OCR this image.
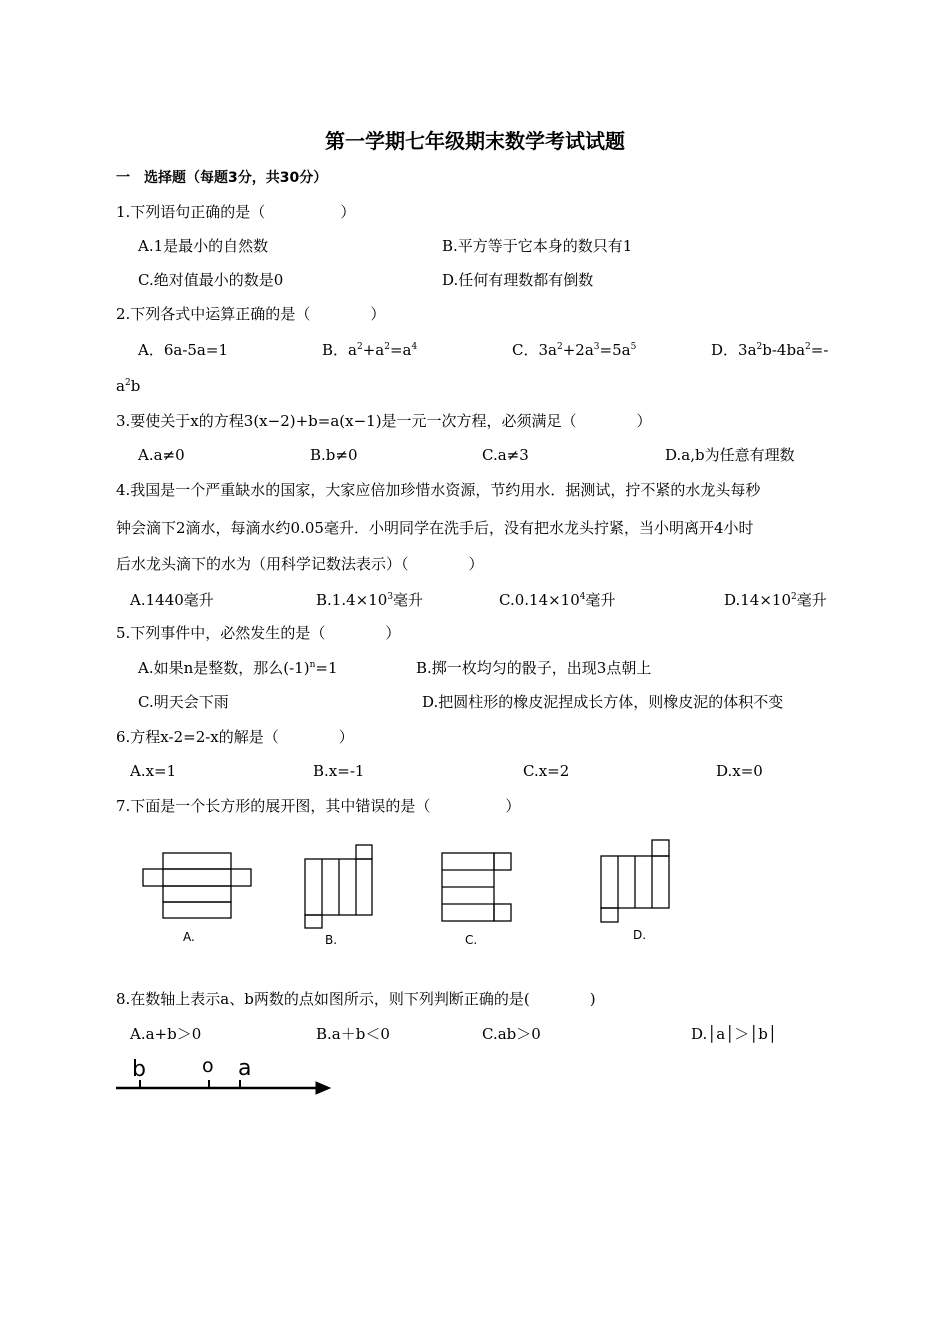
第一学期七年级期末数学考试试题
一　选择题（每题3分，共30分）
1.下列语句正确的是（　　　　　）
A.1是最小的自然数	B.平方等于它本身的数只有1
C.绝对值最小的数是0	D.任何有理数都有倒数
2.下列各式中运算正确的是（　　　　）
A．6a-5a=1	B．$a^2+a^2=a^4$	C．$3a^2+2a^3=5a^5$	D．$3a^2b-4ba^2=-$
$a^2b$
3.要使关于x的方程3(x−2)+b=a(x−1)是一元一次方程，必须满足（　　　　）
A.a≠0	B.b≠0	C.a≠3	D.a,b为任意有理数
4.我国是一个严重缺水的国家，大家应倍加珍惜水资源，节约用水．据测试，拧不紧的水龙头每秒
钟会滴下2滴水，每滴水约0.05毫升．小明同学在洗手后，没有把水龙头拧紧，当小明离开4小时
后水龙头滴下的水为（用科学记数法表示）（　　　　）
A.1440毫升	$B.1.4\times 10^3$毫升	$C.0.14\times 10^4$毫升	$D.14\times 10^2$毫升
5.下列事件中，必然发生的是（　　　　）
A.如果n是整数，那么$(-1)^n=1$	B.掷一枚均匀的骰子，出现3点朝上
C.明天会下雨	D.把圆柱形的橡皮泥捏成长方体，则橡皮泥的体积不变
6.方程x-2=2-x的解是（　　　　）
A.x=1	B.x=-1	C.x=2	D.x=0
7.下面是一个长方形的展开图，其中错误的是（　　　　　）
A.	B.	C.	D.
8.在数轴上表示a、b两数的点如图所示，则下列判断正确的是(　　　　)
A.a+b＞0	B.a＋b＜0	C.ab＞0	D.│a│＞│b│
b	o a
